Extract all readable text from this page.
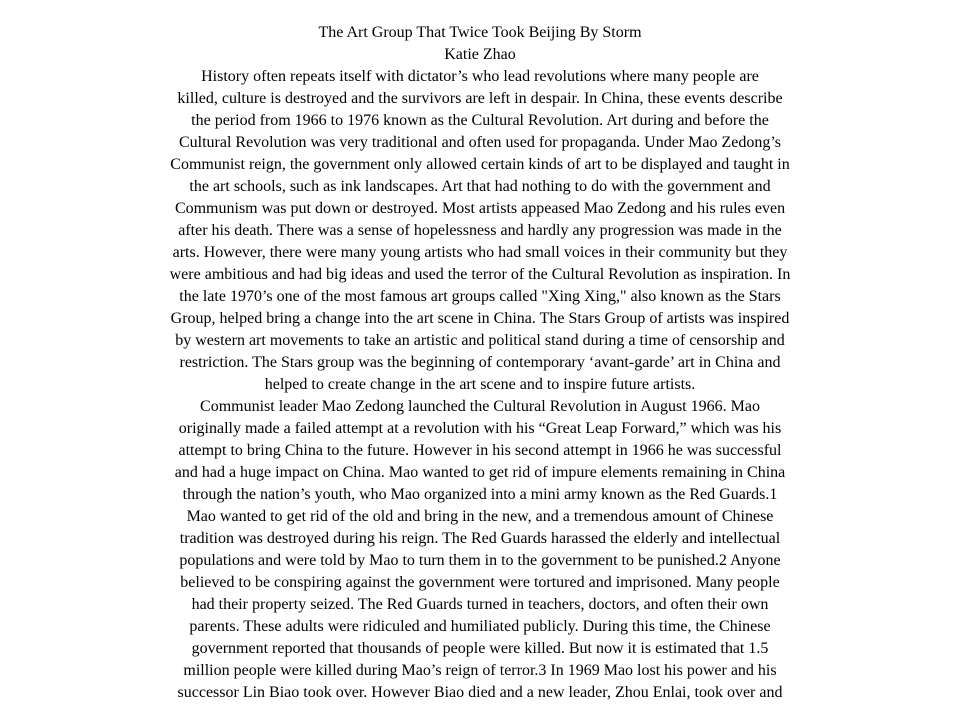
The Art Group That Twice Took Beijing By Storm
Katie Zhao
History often repeats itself with dictator’s who lead revolutions where many people are
killed, culture is destroyed and the survivors are left in despair. In China, these events describe
the period from 1966 to 1976 known as the Cultural Revolution. Art during and before the
Cultural Revolution was very traditional and often used for propaganda. Under Mao Zedong’s
Communist reign, the government only allowed certain kinds of art to be displayed and taught in
the art schools, such as ink landscapes. Art that had nothing to do with the government and
Communism was put down or destroyed. Most artists appeased Mao Zedong and his rules even
after his death. There was a sense of hopelessness and hardly any progression was made in the
arts. However, there were many young artists who had small voices in their community but they
were ambitious and had big ideas and used the terror of the Cultural Revolution as inspiration. In
the late 1970’s one of the most famous art groups called "Xing Xing," also known as the Stars
Group, helped bring a change into the art scene in China. The Stars Group of artists was inspired
by western art movements to take an artistic and political stand during a time of censorship and
restriction. The Stars group was the beginning of contemporary ‘avant-garde’ art in China and
helped to create change in the art scene and to inspire future artists.
Communist leader Mao Zedong launched the Cultural Revolution in August 1966. Mao
originally made a failed attempt at a revolution with his “Great Leap Forward,” which was his
attempt to bring China to the future. However in his second attempt in 1966 he was successful
and had a huge impact on China. Mao wanted to get rid of impure elements remaining in China
through the nation’s youth, who Mao organized into a mini army known as the Red Guards.1
Mao wanted to get rid of the old and bring in the new, and a tremendous amount of Chinese
tradition was destroyed during his reign. The Red Guards harassed the elderly and intellectual
populations and were told by Mao to turn them in to the government to be punished.2 Anyone
believed to be conspiring against the government were tortured and imprisoned. Many people
had their property seized. The Red Guards turned in teachers, doctors, and often their own
parents. These adults were ridiculed and humiliated publicly. During this time, the Chinese
government reported that thousands of people were killed. But now it is estimated that 1.5
million people were killed during Mao’s reign of terror.3 In 1969 Mao lost his power and his
successor Lin Biao took over. However Biao died and a new leader, Zhou Enlai, took over and
